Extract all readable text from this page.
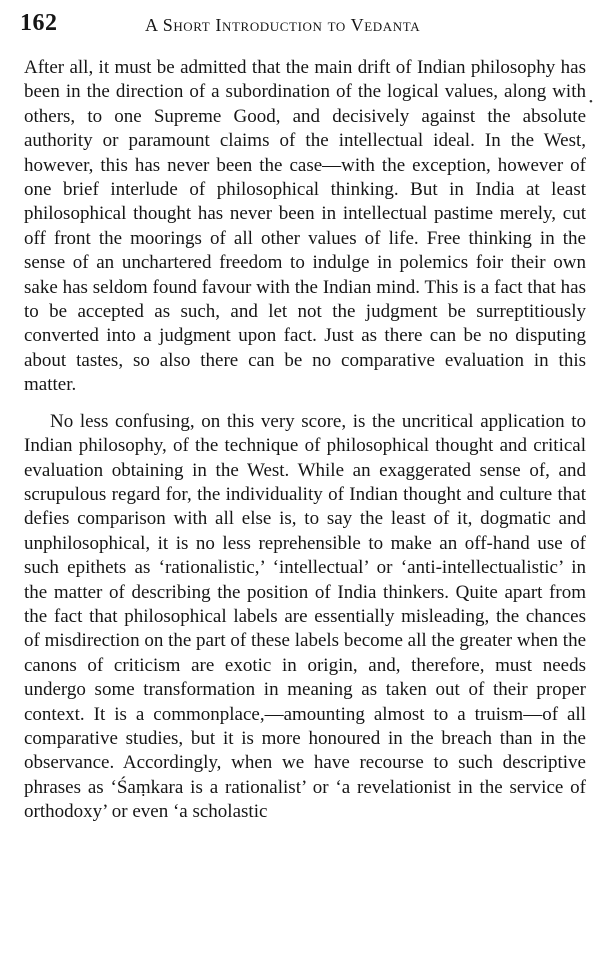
162	A Short Introduction to Vedanta
•

After all, it must be admitted that the main drift of Indian philosophy has been in the direction of a subordination of the logical values, along with others, to one Supreme Good, and decisively against the absolute authority or paramount claims of the intellectual ideal. In the West, however, this has never been the case—with the exception, however of one brief interlude of philosophical thinking. But in India at least philosophical thought has never been in intellectual pastime merely, cut off front the moorings of all other values of life. Free thinking in the sense of an unchartered freedom to indulge in polemics foir their own sake has seldom found favour with the Indian mind. This is a fact that has to be accepted as such, and let not the judgment be surreptitiously converted into a judgment upon fact. Just as there can be no disputing about tastes, so also there can be no comparative evaluation in this matter.

No less confusing, on this very score, is the uncritical application to Indian philosophy, of the technique of philosophical thought and critical evaluation obtaining in the West. While an exaggerated sense of, and scrupulous regard for, the individuality of Indian thought and culture that defies comparison with all else is, to say the least of it, dogmatic and unphilosophical, it is no less reprehensible to make an off-hand use of such epithets as ‘rationalistic,’ ‘intellectual’ or ‘anti-intellectualistic’ in the matter of describing the position of India thinkers. Quite apart from the fact that philosophical labels are essentially misleading, the chances of misdirection on the part of these labels become all the greater when the canons of criticism are exotic in origin, and, therefore, must needs undergo some transformation in meaning as taken out of their proper context. It is a commonplace,—amounting almost to a truism—of all comparative studies, but it is more honoured in the breach than in the observance. Accordingly, when we have recourse to such descriptive phrases as ‘Śaṃkara is a rationalist’ or ‘a revelationist in the service of orthodoxy’ or even ‘a scholastic
